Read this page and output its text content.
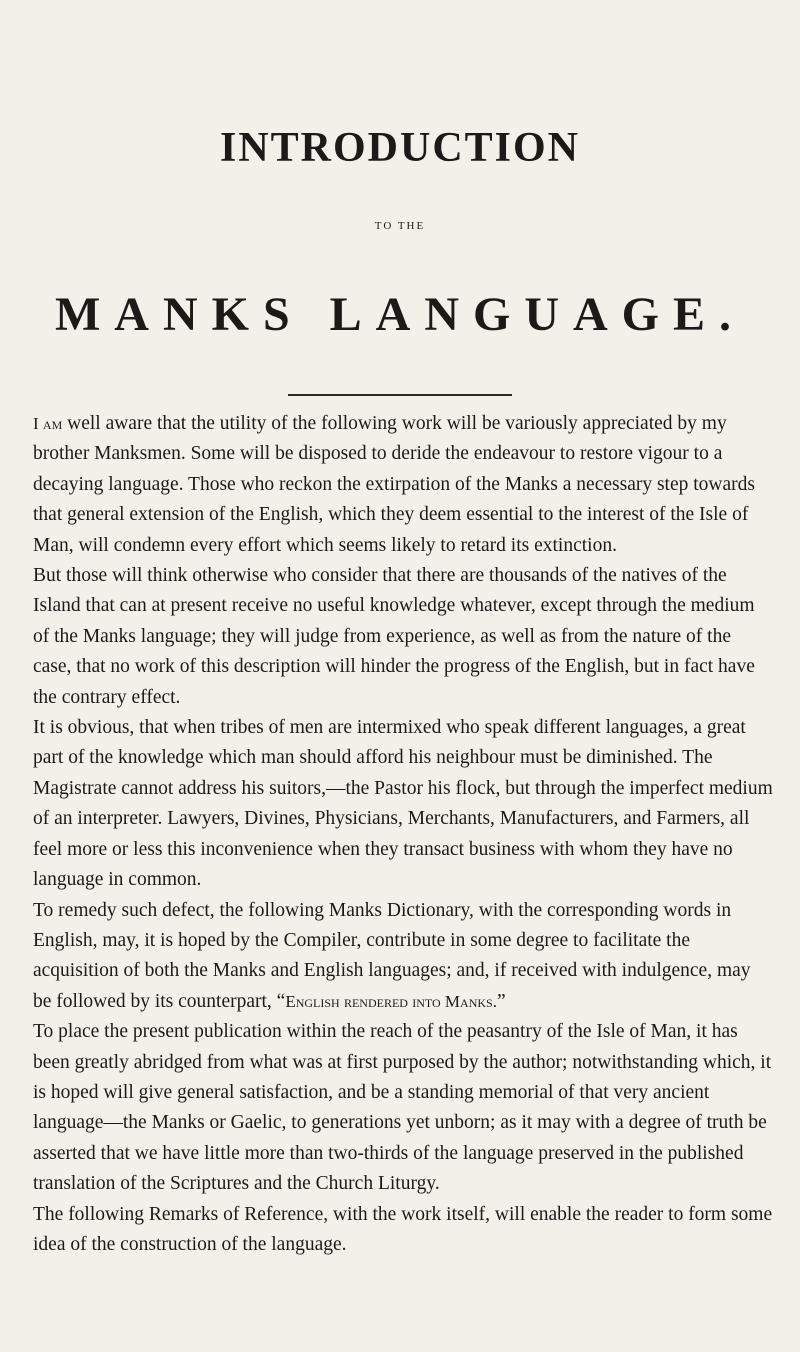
INTRODUCTION
TO THE
MANKS LANGUAGE.

I am well aware that the utility of the following work will be variously appreciated by my brother Manksmen. Some will be disposed to deride the endeavour to restore vigour to a decaying language. Those who reckon the extirpation of the Manks a necessary step towards that general extension of the English, which they deem essential to the interest of the Isle of Man, will condemn every effort which seems likely to retard its extinction.

But those will think otherwise who consider that there are thousands of the natives of the Island that can at present receive no useful knowledge whatever, except through the medium of the Manks language; they will judge from experience, as well as from the nature of the case, that no work of this description will hinder the progress of the English, but in fact have the contrary effect.

It is obvious, that when tribes of men are intermixed who speak different languages, a great part of the knowledge which man should afford his neighbour must be diminished. The Magistrate cannot address his suitors,—the Pastor his flock, but through the imperfect medium of an interpreter. Lawyers, Divines, Physicians, Merchants, Manufacturers, and Farmers, all feel more or less this inconvenience when they transact business with whom they have no language in common.

To remedy such defect, the following Manks Dictionary, with the corresponding words in English, may, it is hoped by the Compiler, contribute in some degree to facilitate the acquisition of both the Manks and English languages; and, if received with indulgence, may be followed by its counterpart, “English rendered into Manks.”

To place the present publication within the reach of the peasantry of the Isle of Man, it has been greatly abridged from what was at first purposed by the author; notwithstanding which, it is hoped will give general satisfaction, and be a standing memorial of that very ancient language—the Manks or Gaelic, to generations yet unborn; as it may with a degree of truth be asserted that we have little more than two-thirds of the language preserved in the published translation of the Scriptures and the Church Liturgy.

The following Remarks of Reference, with the work itself, will enable the reader to form some idea of the construction of the language.
